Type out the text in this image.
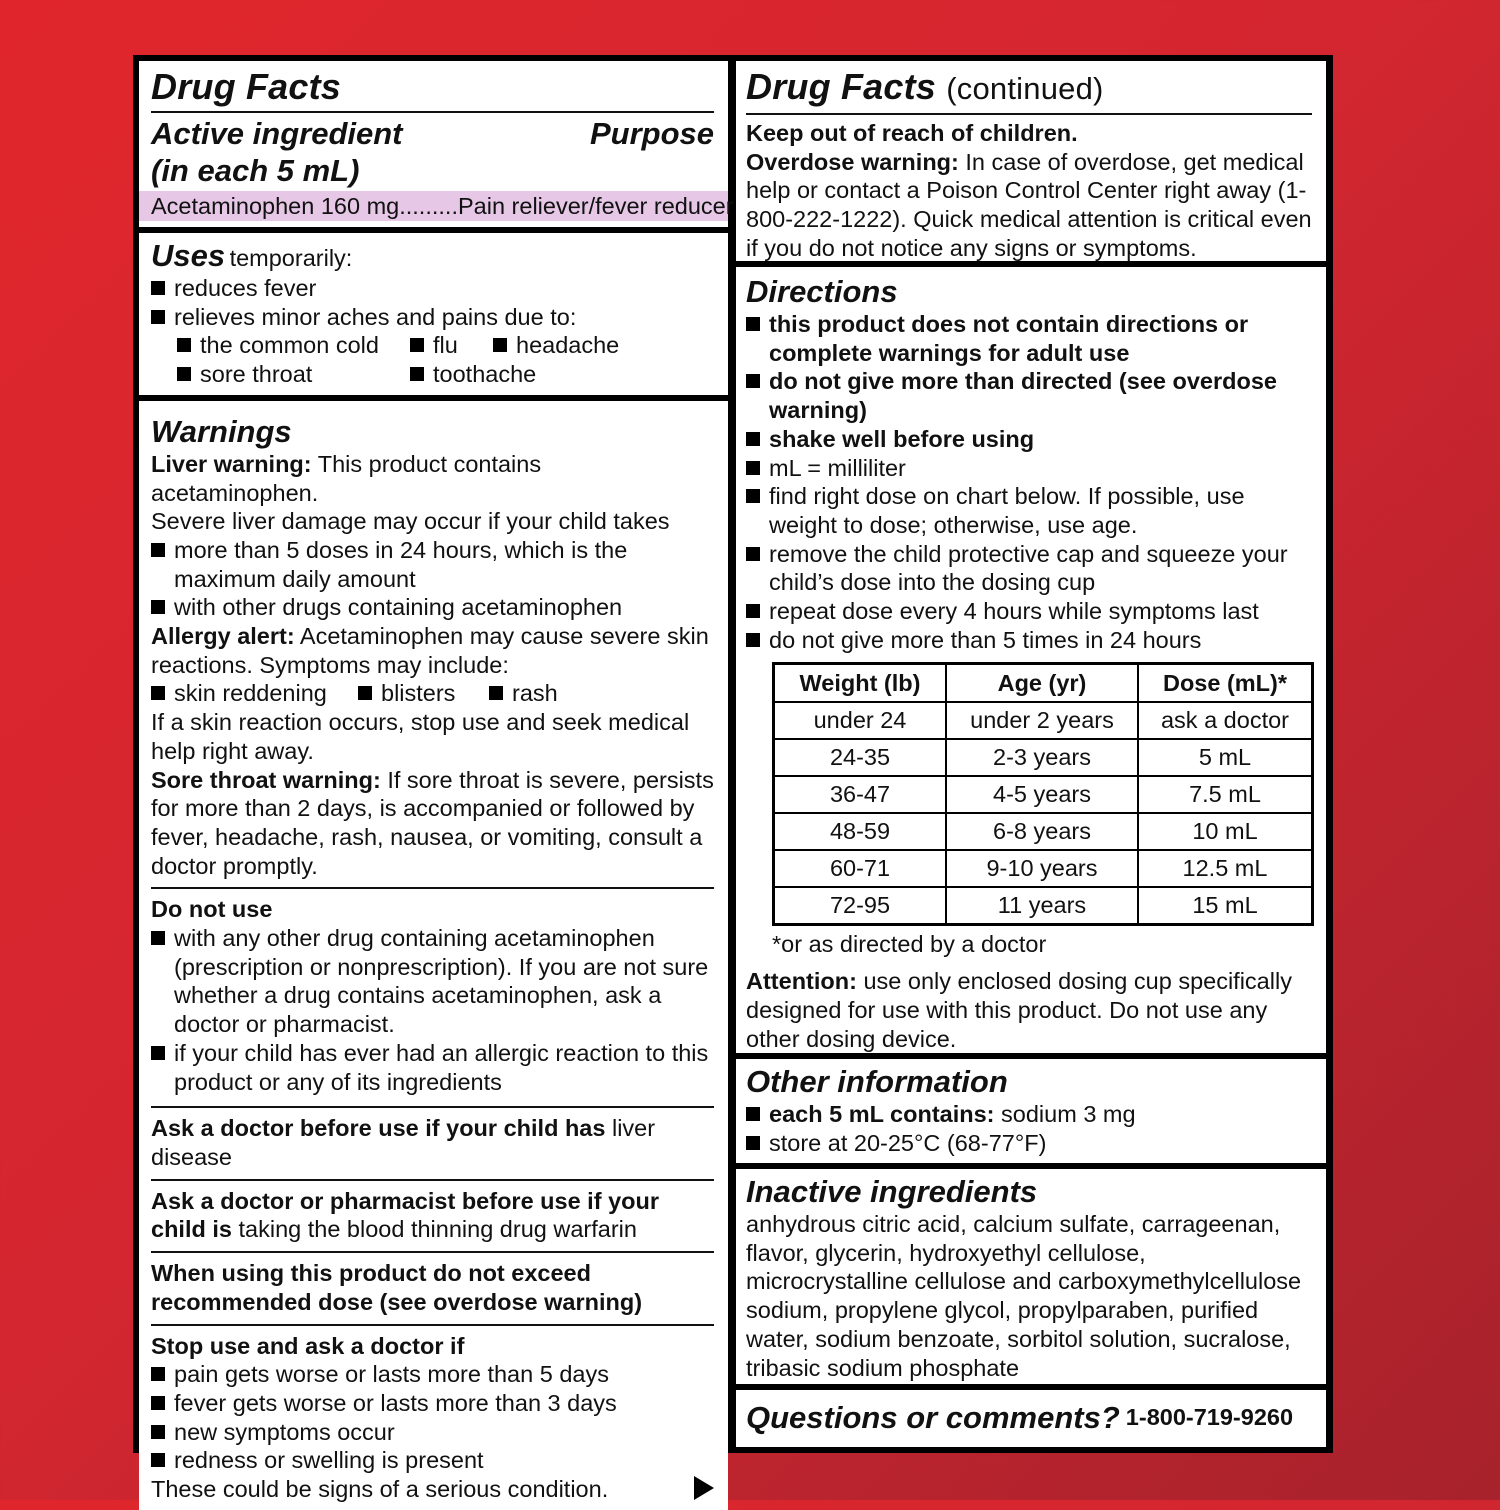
Drug Facts
Active ingredient
(in each 5 mL)
Purpose
Acetaminophen 160 mg.........Pain reliever/fever reducer
Uses temporarily:
reduces fever
relieves minor aches and pains due to:
the common cold flu headache
sore throat	toothache
Warnings
Liver warning: This product contains acetaminophen.
Severe liver damage may occur if your child takes
more than 5 doses in 24 hours, which is the maximum daily amount
with other drugs containing acetaminophen
Allergy alert: Acetaminophen may cause severe skin reactions. Symptoms may include:
skin reddening blisters rash
If a skin reaction occurs, stop use and seek medical help right away.
Sore throat warning: If sore throat is severe, persists for more than 2 days, is accompanied or followed by fever, headache, rash, nausea, or vomiting, consult a doctor promptly.
Do not use
with any other drug containing acetaminophen (prescription or nonprescription). If you are not sure whether a drug contains acetaminophen, ask a doctor or pharmacist.
if your child has ever had an allergic reaction to this product or any of its ingredients
Ask a doctor before use if your child has liver disease
Ask a doctor or pharmacist before use if your child is taking the blood thinning drug warfarin
When using this product do not exceed recommended dose (see overdose warning)
Stop use and ask a doctor if
pain gets worse or lasts more than 5 days
fever gets worse or lasts more than 3 days
new symptoms occur
redness or swelling is present
These could be signs of a serious condition.
Drug Facts (continued)
Keep out of reach of children.
Overdose warning: In case of overdose, get medical help or contact a Poison Control Center right away (1-800-222-1222). Quick medical attention is critical even if you do not notice any signs or symptoms.
Directions
this product does not contain directions or complete warnings for adult use
do not give more than directed (see overdose warning)
shake well before using
mL = milliliter
find right dose on chart below. If possible, use weight to dose; otherwise, use age.
remove the child protective cap and squeeze your child’s dose into the dosing cup
repeat dose every 4 hours while symptoms last
do not give more than 5 times in 24 hours
Weight (lb)	Age (yr)	Dose (mL)*
under 24	under 2 years	ask a doctor
24-35	2-3 years	5 mL
36-47	4-5 years	7.5 mL
48-59	6-8 years	10 mL
60-71	9-10 years	12.5 mL
72-95	11 years	15 mL
*or as directed by a doctor
Attention: use only enclosed dosing cup specifically designed for use with this product. Do not use any other dosing device.
Other information
each 5 mL contains: sodium 3 mg
store at 20-25°C (68-77°F)
Inactive ingredients
anhydrous citric acid, calcium sulfate, carrageenan, flavor, glycerin, hydroxyethyl cellulose, microcrystalline cellulose and carboxymethylcellulose sodium, propylene glycol, propylparaben, purified water, sodium benzoate, sorbitol solution, sucralose, tribasic sodium phosphate
Questions or comments? 1-800-719-9260
